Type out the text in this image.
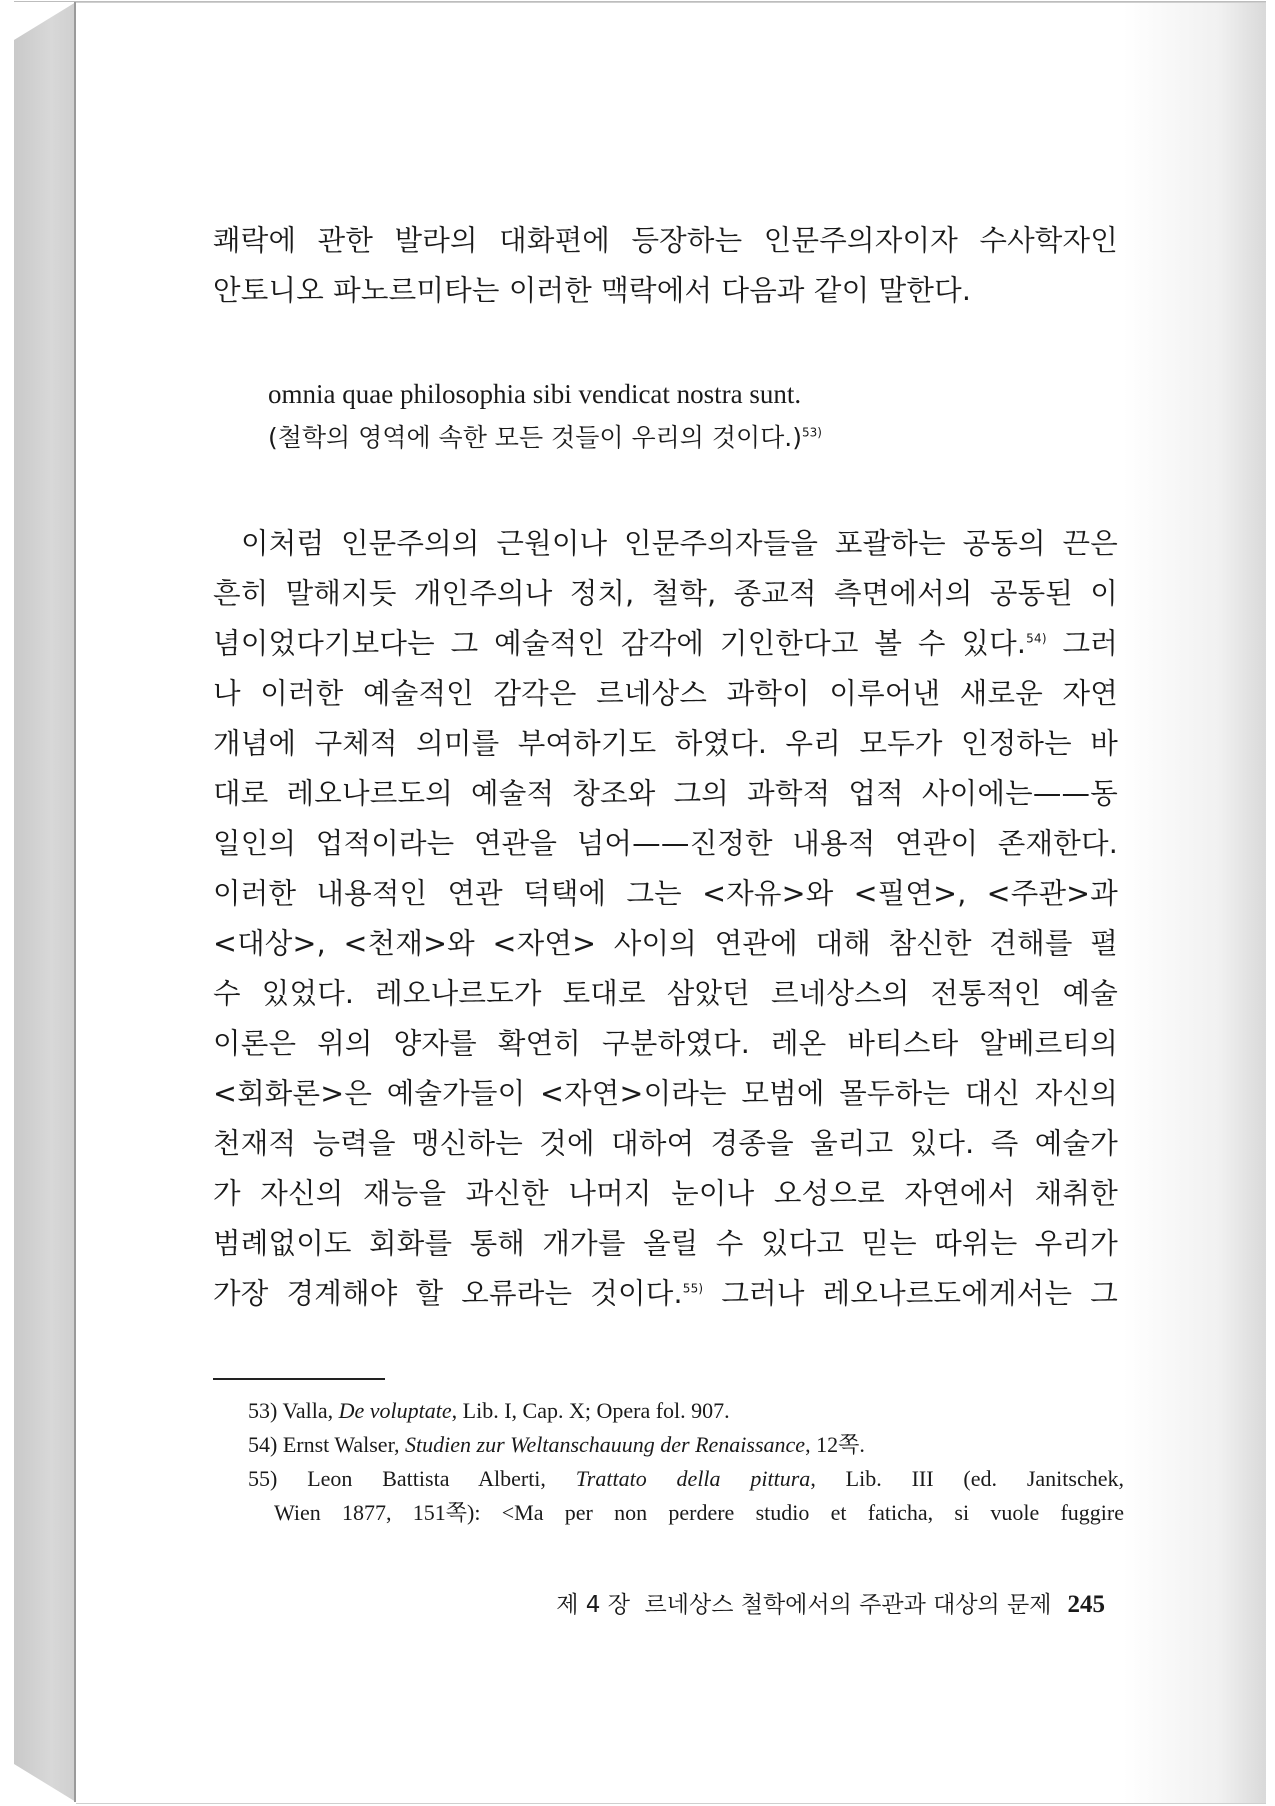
쾌락에 관한 발라의 대화편에 등장하는 인문주의자이자 수사학자인
안토니오 파노르미타는 이러한 맥락에서 다음과 같이 말한다.
omnia quae philosophia sibi vendicat nostra sunt.
(철학의 영역에 속한 모든 것들이 우리의 것이다.)$^{53)}$
이처럼 인문주의의 근원이나 인문주의자들을 포괄하는 공동의 끈은
흔히 말해지듯 개인주의나 정치, 철학, 종교적 측면에서의 공동된 이
념이었다기보다는 그 예술적인 감각에 기인한다고 볼 수 있다.$^{54)}$ 그러
나 이러한 예술적인 감각은 르네상스 과학이 이루어낸 새로운 자연
개념에 구체적 의미를 부여하기도 하였다. 우리 모두가 인정하는 바
대로 레오나르도의 예술적 창조와 그의 과학적 업적 사이에는——동
일인의 업적이라는 연관을 넘어——진정한 내용적 연관이 존재한다.
이러한 내용적인 연관 덕택에 그는 <자유>와 <필연>, <주관>과
<대상>, <천재>와 <자연> 사이의 연관에 대해 참신한 견해를 펼
수 있었다. 레오나르도가 토대로 삼았던 르네상스의 전통적인 예술
이론은 위의 양자를 확연히 구분하였다. 레온 바티스타 알베르티의
<회화론>은 예술가들이 <자연>이라는 모범에 몰두하는 대신 자신의
천재적 능력을 맹신하는 것에 대하여 경종을 울리고 있다. 즉 예술가
가 자신의 재능을 과신한 나머지 눈이나 오성으로 자연에서 채취한
범례없이도 회화를 통해 개가를 올릴 수 있다고 믿는 따위는 우리가
가장 경계해야 할 오류라는 것이다.$^{55)}$ 그러나 레오나르도에게서는 그
53) Valla, De voluptate, Lib. I, Cap. X; Opera fol. 907.
54) Ernst Walser, Studien zur Weltanschauung der Renaissance, 12쪽.
55) Leon Battista Alberti, Trattato della pittura, Lib. III (ed. Janitschek,
Wien 1877, 151쪽): <Ma per non perdere studio et faticha, si vuole fuggire
제 4 장  르네상스 철학에서의 주관과 대상의 문제 245
